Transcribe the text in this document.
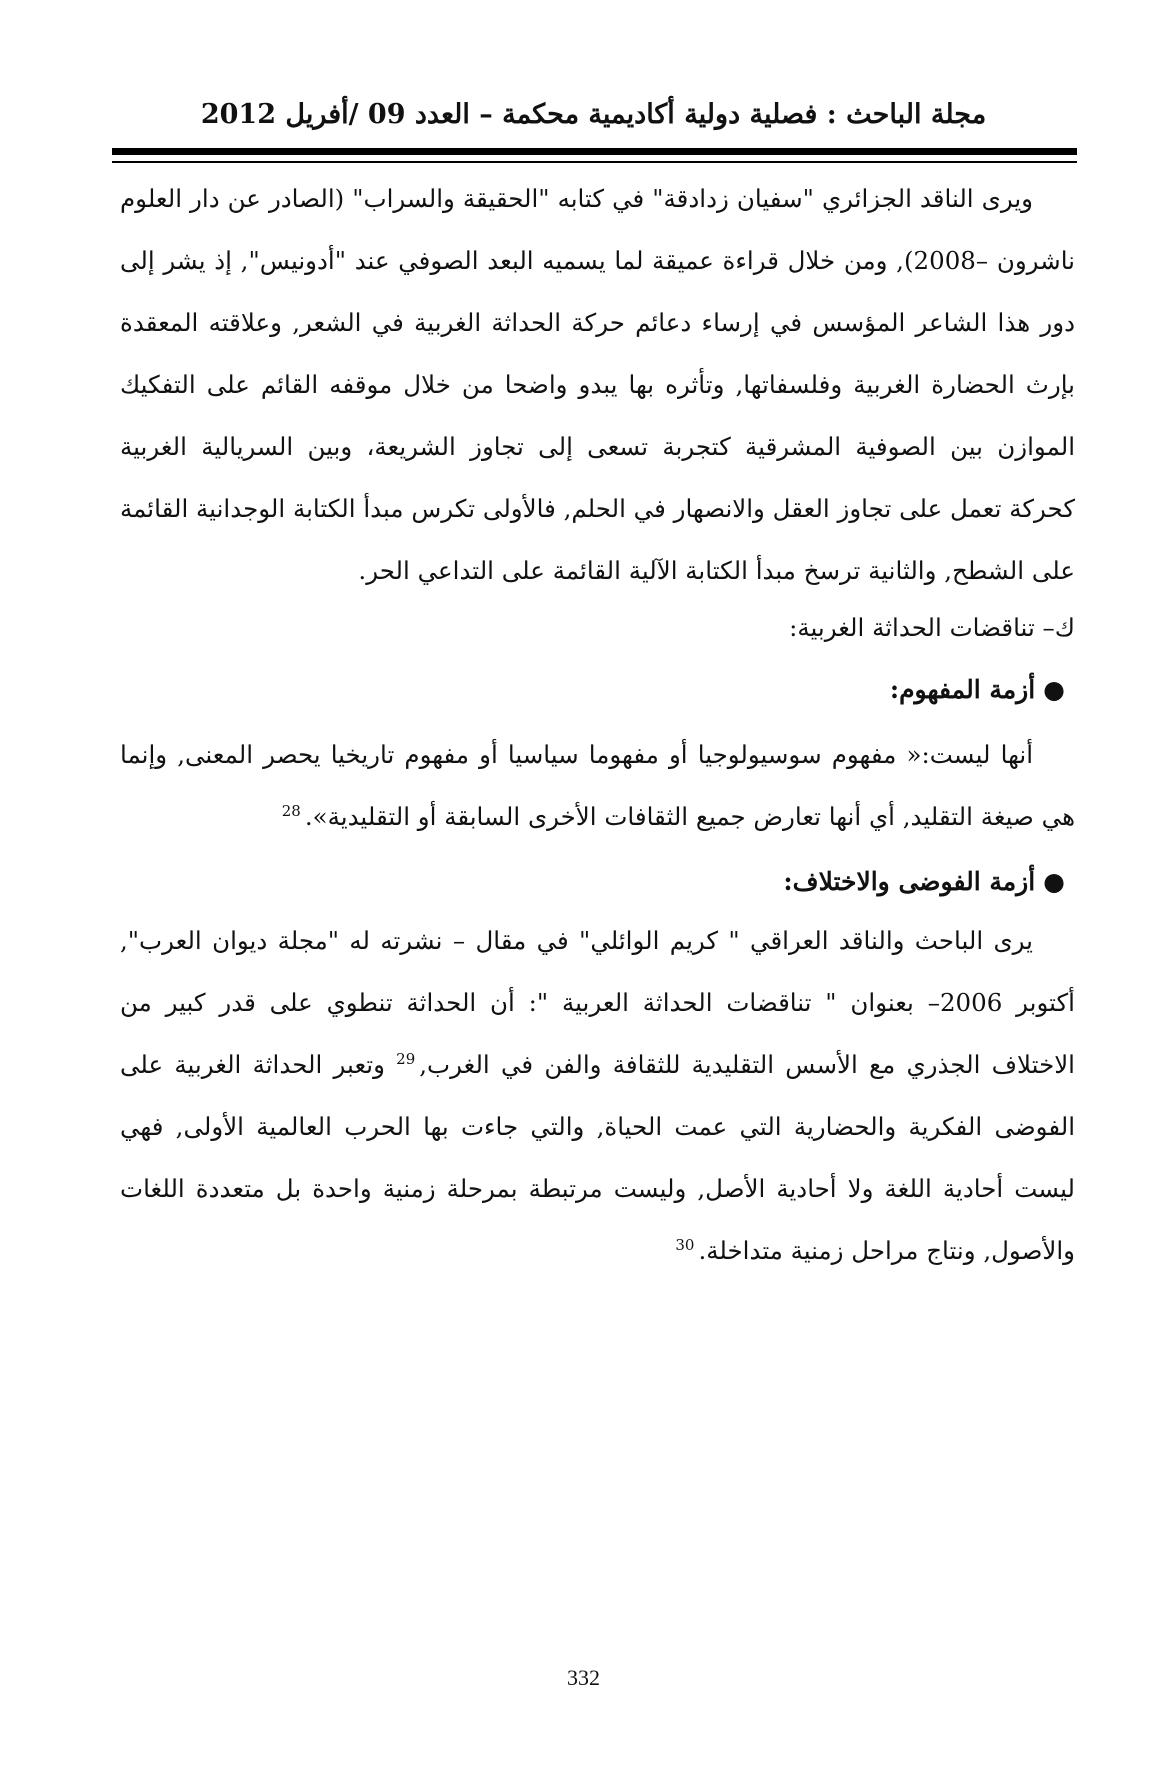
مجلة الباحث : فصلية دولية أكاديمية محكمة – العدد 09 /أفريل 2012

ويرى الناقد الجزائري "سفيان زدادقة" في كتابه "الحقيقة والسراب" (الصادر عن دار العلوم ناشرون –2008), ومن خلال قراءة عميقة لما يسميه البعد الصوفي عند "أدونيس", إذ يشر إلى دور هذا الشاعر المؤسس في إرساء دعائم حركة الحداثة الغربية في الشعر, وعلاقته المعقدة بإرث الحضارة الغربية وفلسفاتها, وتأثره بها يبدو واضحا من خلال موقفه القائم على التفكيك الموازن بين الصوفية المشرقية كتجربة تسعى إلى تجاوز الشريعة، وبين السريالية الغربية كحركة تعمل على تجاوز العقل والانصهار في الحلم, فالأولى تكرس مبدأ الكتابة الوجدانية القائمة على الشطح, والثانية ترسخ مبدأ الكتابة الآلية القائمة على التداعي الحر.

ك– تناقضات الحداثة الغربية:

●أزمة المفهوم:

أنها ليست:« مفهوم سوسيولوجيا أو مفهوما سياسيا أو مفهوم تاريخيا يحصر المعنى, وإنما هي صيغة التقليد, أي أنها تعارض جميع الثقافات الأخرى السابقة أو التقليدية».$^{28}$

●أزمة الفوضى والاختلاف:

يرى الباحث والناقد العراقي " كريم الوائلي" في مقال – نشرته له "مجلة ديوان العرب", أكتوبر 2006– بعنوان " تناقضات الحداثة العربية ": أن الحداثة تنطوي على قدر كبير من الاختلاف الجذري مع الأسس التقليدية للثقافة والفن في الغرب,$^{29}$ وتعبر الحداثة الغربية على الفوضى الفكرية والحضارية التي عمت الحياة, والتي جاءت بها الحرب العالمية الأولى, فهي ليست أحادية اللغة ولا أحادية الأصل, وليست مرتبطة بمرحلة زمنية واحدة بل متعددة اللغات والأصول, ونتاج مراحل زمنية متداخلة.$^{30}$

332
